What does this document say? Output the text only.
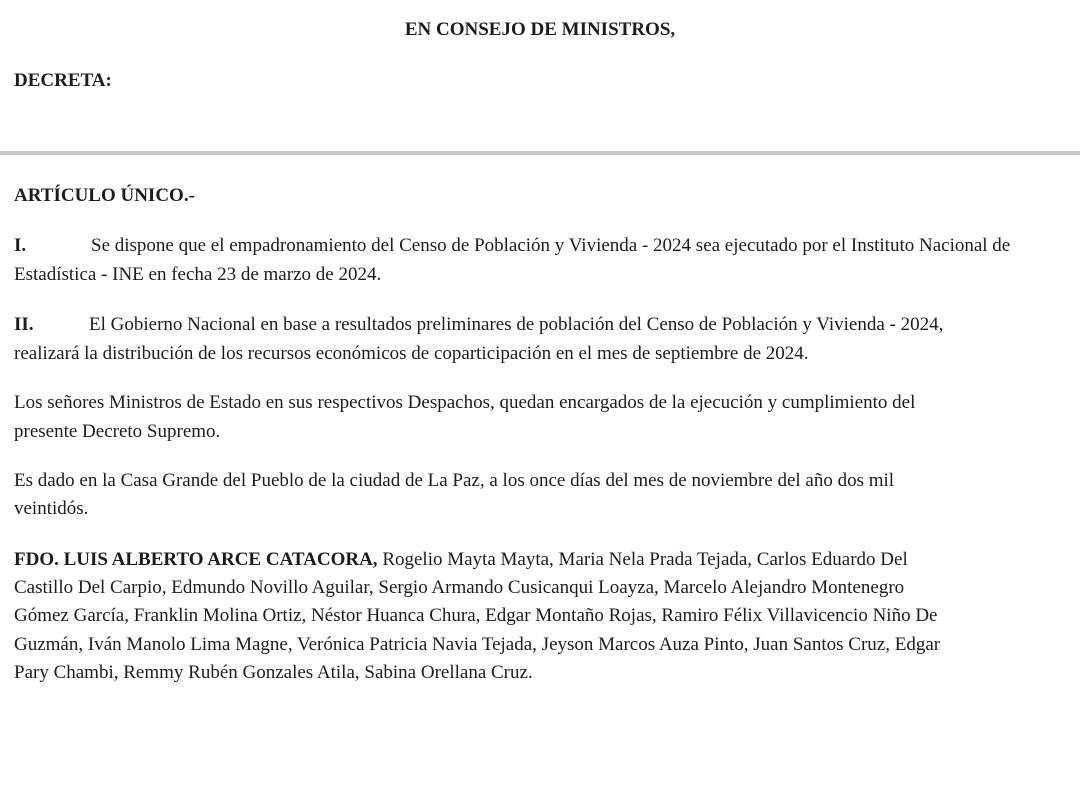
EN CONSEJO DE MINISTROS,
DECRETA:
ARTÍCULO ÚNICO.-
I.	Se dispone que el empadronamiento del Censo de Población y Vivienda - 2024 sea ejecutado por el Instituto Nacional de
Estadística - INE en fecha 23 de marzo de 2024.
II.	El Gobierno Nacional en base a resultados preliminares de población del Censo de Población y Vivienda - 2024,
realizará la distribución de los recursos económicos de coparticipación en el mes de septiembre de 2024.
Los señores Ministros de Estado en sus respectivos Despachos, quedan encargados de la ejecución y cumplimiento del
presente Decreto Supremo.
Es dado en la Casa Grande del Pueblo de la ciudad de La Paz, a los once días del mes de noviembre del año dos mil
veintidós.
FDO. LUIS ALBERTO ARCE CATACORA, Rogelio Mayta Mayta, Maria Nela Prada Tejada, Carlos Eduardo Del
Castillo Del Carpio, Edmundo Novillo Aguilar, Sergio Armando Cusicanqui Loayza, Marcelo Alejandro Montenegro
Gómez García, Franklin Molina Ortiz, Néstor Huanca Chura, Edgar Montaño Rojas, Ramiro Félix Villavicencio Niño De
Guzmán, Iván Manolo Lima Magne, Verónica Patricia Navia Tejada, Jeyson Marcos Auza Pinto, Juan Santos Cruz, Edgar
Pary Chambi, Remmy Rubén Gonzales Atila, Sabina Orellana Cruz.
